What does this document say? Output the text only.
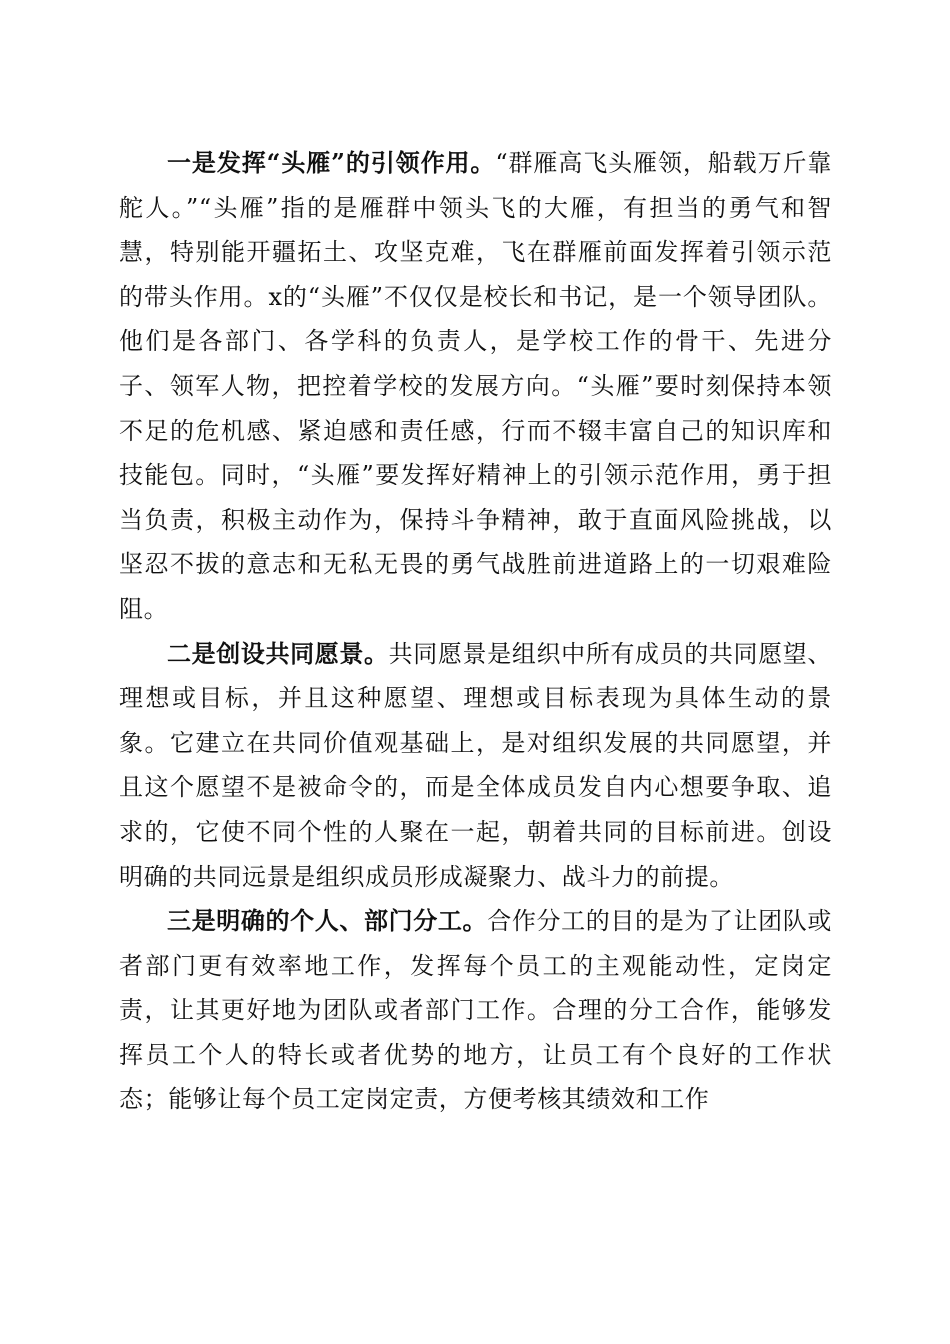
一是发挥“头雁”的引领作用。“群雁高飞头雁领，船载万斤靠舵人。”“头雁”指的是雁群中领头飞的大雁，有担当的勇气和智慧，特别能开疆拓土、攻坚克难，飞在群雁前面发挥着引领示范的带头作用。x的“头雁”不仅仅是校长和书记，是一个领导团队。他们是各部门、各学科的负责人，是学校工作的骨干、先进分子、领军人物，把控着学校的发展方向。“头雁”要时刻保持本领不足的危机感、紧迫感和责任感，行而不辍丰富自己的知识库和技能包。同时，“头雁”要发挥好精神上的引领示范作用，勇于担当负责，积极主动作为，保持斗争精神，敢于直面风险挑战，以坚忍不拔的意志和无私无畏的勇气战胜前进道路上的一切艰难险阻。

二是创设共同愿景。共同愿景是组织中所有成员的共同愿望、理想或目标，并且这种愿望、理想或目标表现为具体生动的景象。它建立在共同价值观基础上，是对组织发展的共同愿望，并且这个愿望不是被命令的，而是全体成员发自内心想要争取、追求的，它使不同个性的人聚在一起，朝着共同的目标前进。创设明确的共同远景是组织成员形成凝聚力、战斗力的前提。

三是明确的个人、部门分工。合作分工的目的是为了让团队或者部门更有效率地工作，发挥每个员工的主观能动性，定岗定责，让其更好地为团队或者部门工作。合理的分工合作，能够发挥员工个人的特长或者优势的地方，让员工有个良好的工作状态；能够让每个员工定岗定责，方便考核其绩效和工作
